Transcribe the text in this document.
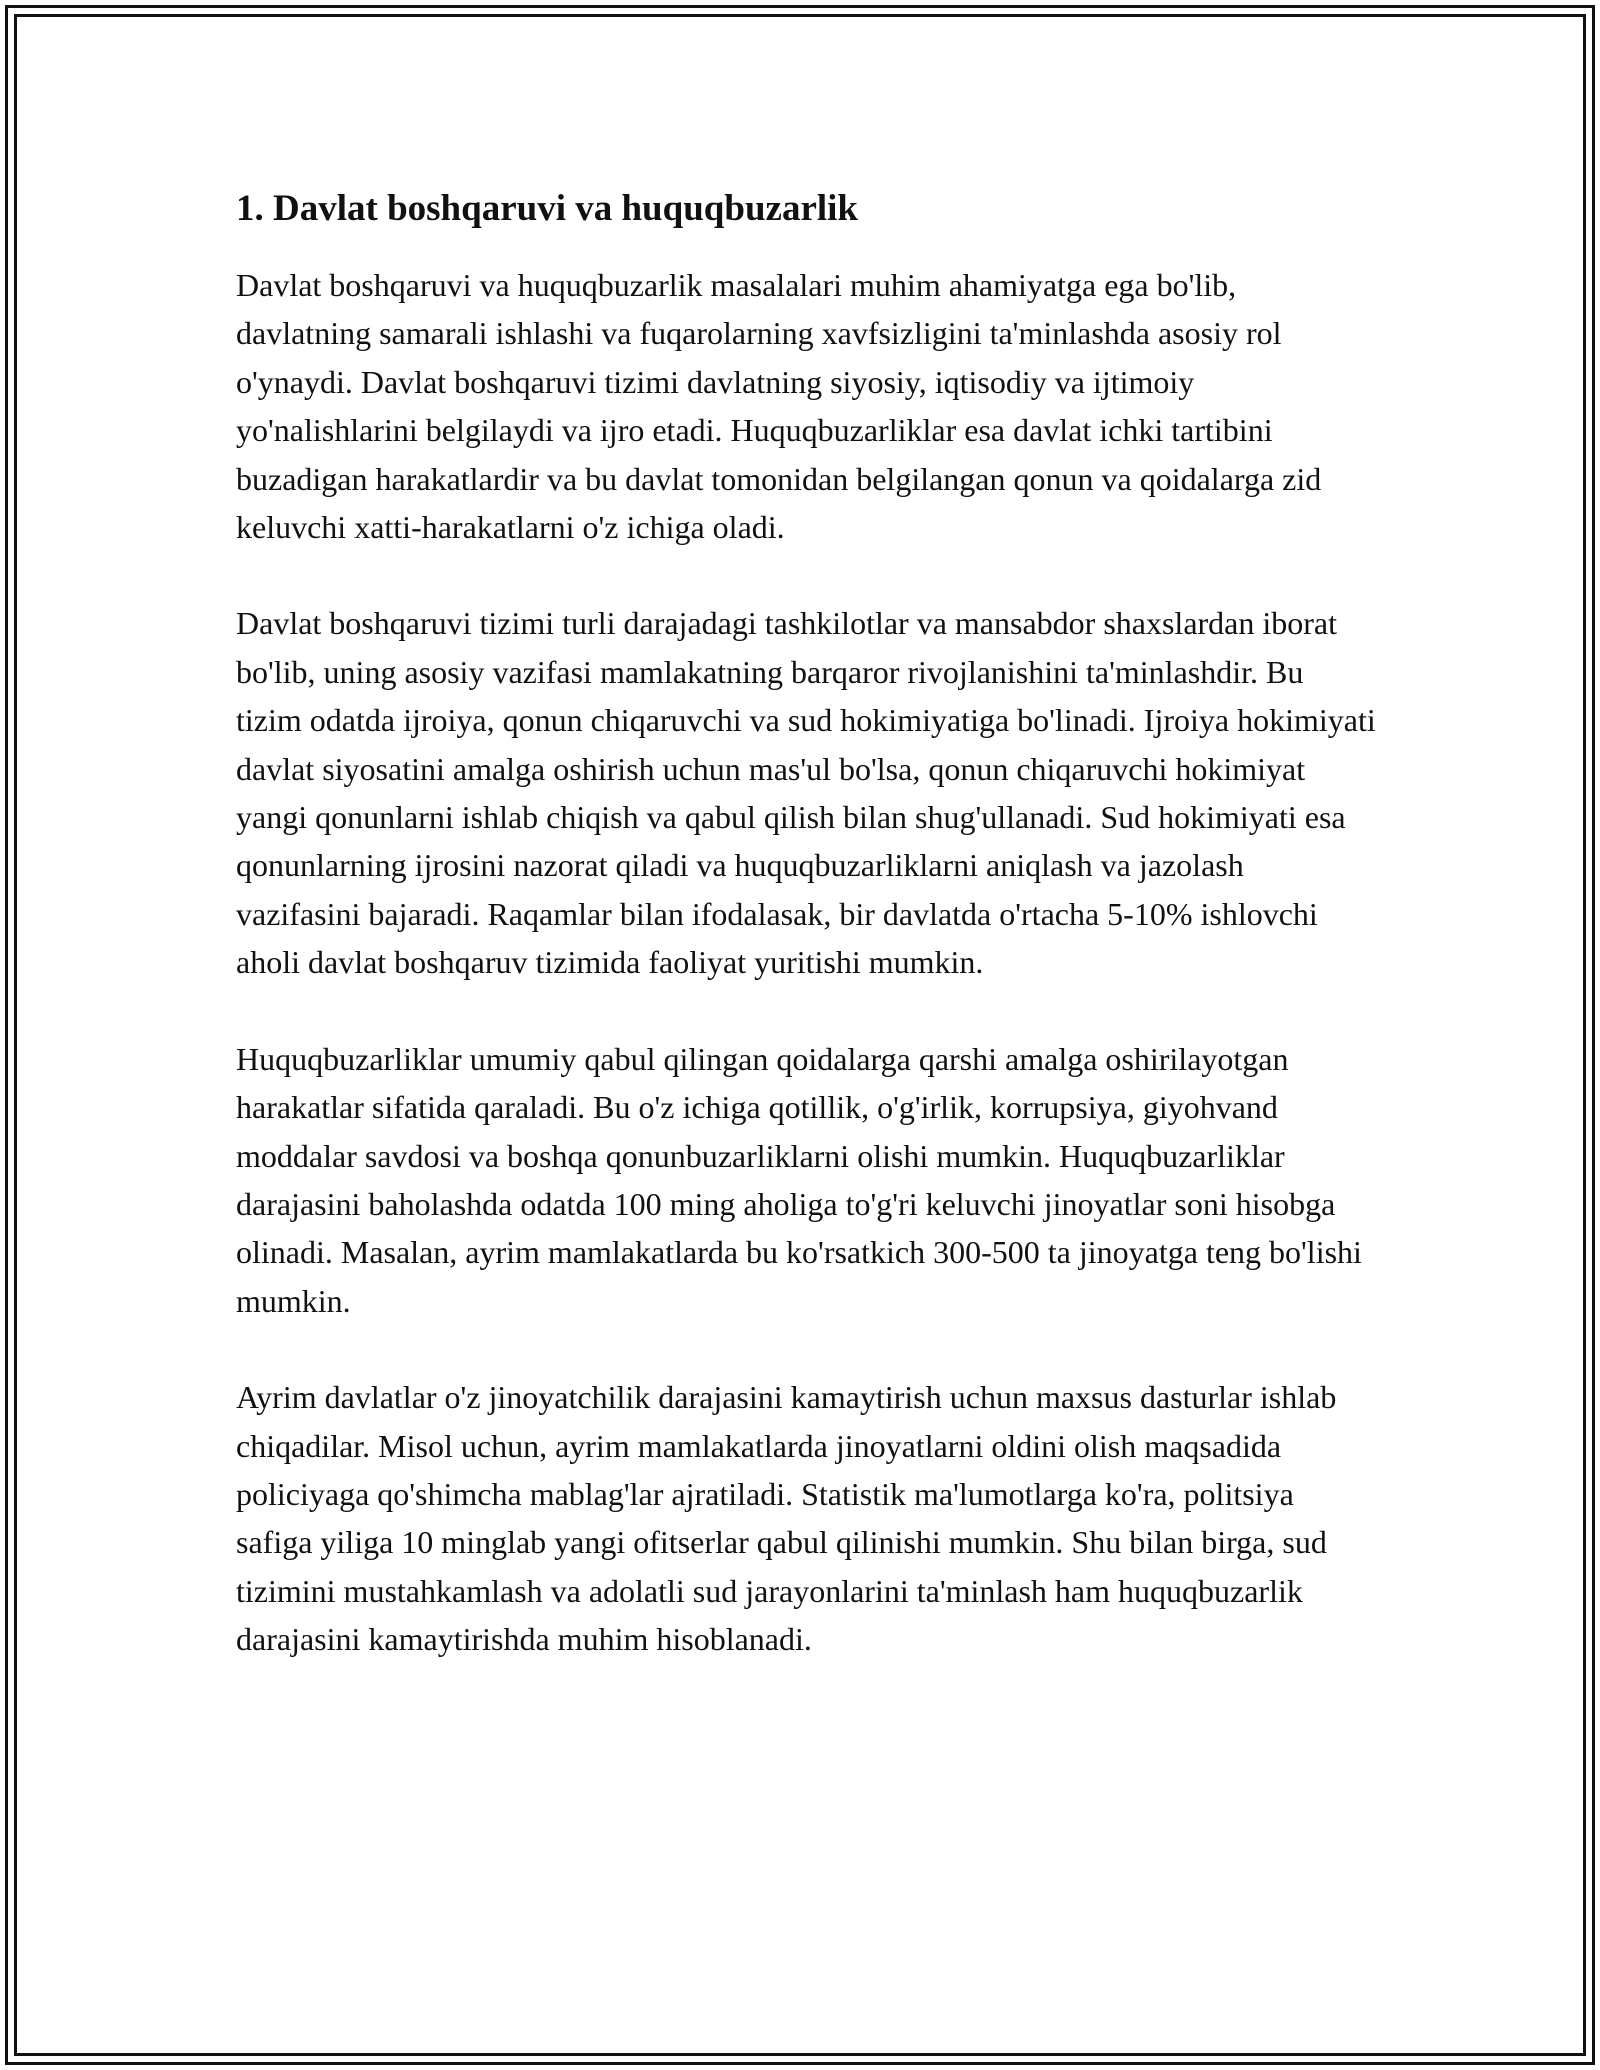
1. Davlat boshqaruvi va huquqbuzarlik

Davlat boshqaruvi va huquqbuzarlik masalalari muhim ahamiyatga ega bo'lib, davlatning samarali ishlashi va fuqarolarning xavfsizligini ta'minlashda asosiy rol o'ynaydi. Davlat boshqaruvi tizimi davlatning siyosiy, iqtisodiy va ijtimoiy yo'nalishlarini belgilaydi va ijro etadi. Huquqbuzarliklar esa davlat ichki tartibini buzadigan harakatlardir va bu davlat tomonidan belgilangan qonun va qoidalarga zid keluvchi xatti-harakatlarni o'z ichiga oladi.

Davlat boshqaruvi tizimi turli darajadagi tashkilotlar va mansabdor shaxslardan iborat bo'lib, uning asosiy vazifasi mamlakatning barqaror rivojlanishini ta'minlashdir. Bu tizim odatda ijroiya, qonun chiqaruvchi va sud hokimiyatiga bo'linadi. Ijroiya hokimiyati davlat siyosatini amalga oshirish uchun mas'ul bo'lsa, qonun chiqaruvchi hokimiyat yangi qonunlarni ishlab chiqish va qabul qilish bilan shug'ullanadi. Sud hokimiyati esa qonunlarning ijrosini nazorat qiladi va huquqbuzarliklarni aniqlash va jazolash vazifasini bajaradi. Raqamlar bilan ifodalasak, bir davlatda o'rtacha 5-10% ishlovchi aholi davlat boshqaruv tizimida faoliyat yuritishi mumkin.

Huquqbuzarliklar umumiy qabul qilingan qoidalarga qarshi amalga oshirilayotgan harakatlar sifatida qaraladi. Bu o'z ichiga qotillik, o'g'irlik, korrupsiya, giyohvand moddalar savdosi va boshqa qonunbuzarliklarni olishi mumkin. Huquqbuzarliklar darajasini baholashda odatda 100 ming aholiga to'g'ri keluvchi jinoyatlar soni hisobga olinadi. Masalan, ayrim mamlakatlarda bu ko'rsatkich 300-500 ta jinoyatga teng bo'lishi mumkin.

Ayrim davlatlar o'z jinoyatchilik darajasini kamaytirish uchun maxsus dasturlar ishlab chiqadilar. Misol uchun, ayrim mamlakatlarda jinoyatlarni oldini olish maqsadida policiyaga qo'shimcha mablag'lar ajratiladi. Statistik ma'lumotlarga ko'ra, politsiya safiga yiliga 10 minglab yangi ofitserlar qabul qilinishi mumkin. Shu bilan birga, sud tizimini mustahkamlash va adolatli sud jarayonlarini ta'minlash ham huquqbuzarlik darajasini kamaytirishda muhim hisoblanadi.
